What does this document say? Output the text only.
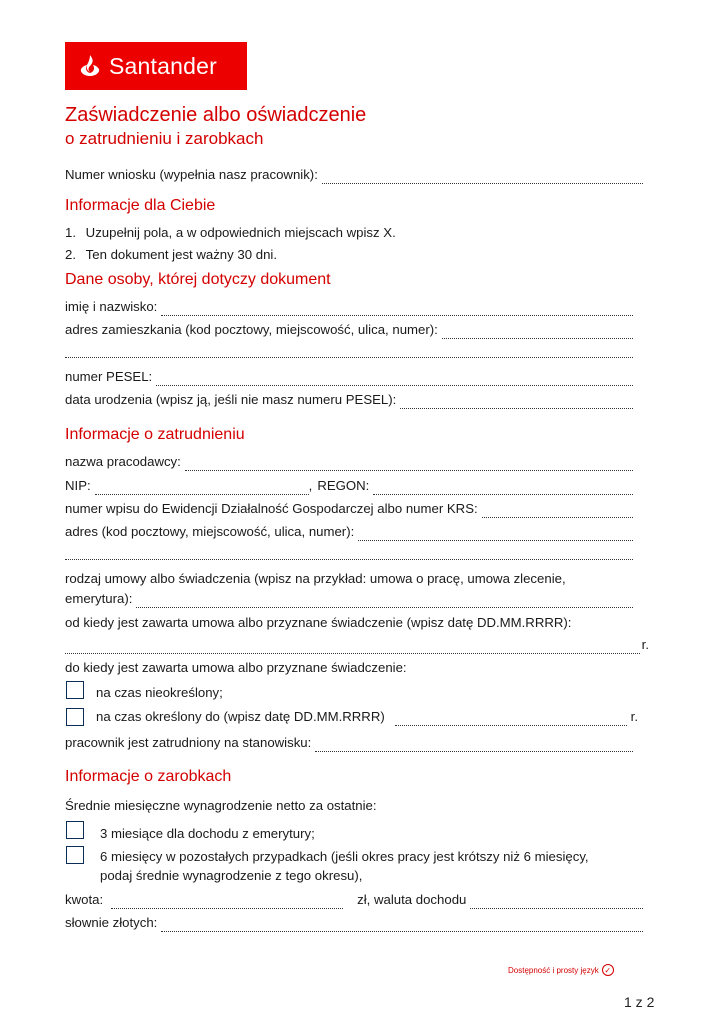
Santander
Zaświadczenie albo oświadczenie
o zatrudnieniu i zarobkach
Numer wniosku (wypełnia nasz pracownik):
Informacje dla Ciebie
1. Uzupełnij pola, a w odpowiednich miejscach wpisz X.
2. Ten dokument jest ważny 30 dni.
Dane osoby, której dotyczy dokument
imię i nazwisko:
adres zamieszkania (kod pocztowy, miejscowość, ulica, numer):
numer PESEL:
data urodzenia (wpisz ją, jeśli nie masz numeru PESEL):
Informacje o zatrudnieniu
nazwa pracodawcy:
NIP:	, REGON:
numer wpisu do Ewidencji Działalność Gospodarczej albo numer KRS:
adres (kod pocztowy, miejscowość, ulica, numer):
rodzaj umowy albo świadczenia (wpisz na przykład: umowa o pracę, umowa zlecenie,
emerytura):
od kiedy jest zawarta umowa albo przyznane świadczenie (wpisz datę DD.MM.RRRR):
r.
do kiedy jest zawarta umowa albo przyznane świadczenie:
na czas nieokreślony;
na czas określony do (wpisz datę DD.MM.RRRR)	r.
pracownik jest zatrudniony na stanowisku:
Informacje o zarobkach
Średnie miesięczne wynagrodzenie netto za ostatnie:
3 miesiące dla dochodu z emerytury;
6 miesięcy w pozostałych przypadkach (jeśli okres pracy jest krótszy niż 6 miesięcy,
podaj średnie wynagrodzenie z tego okresu),
kwota:	zł, waluta dochodu
słownie złotych:
Dostępność i prosty język ✓
1 z 2
